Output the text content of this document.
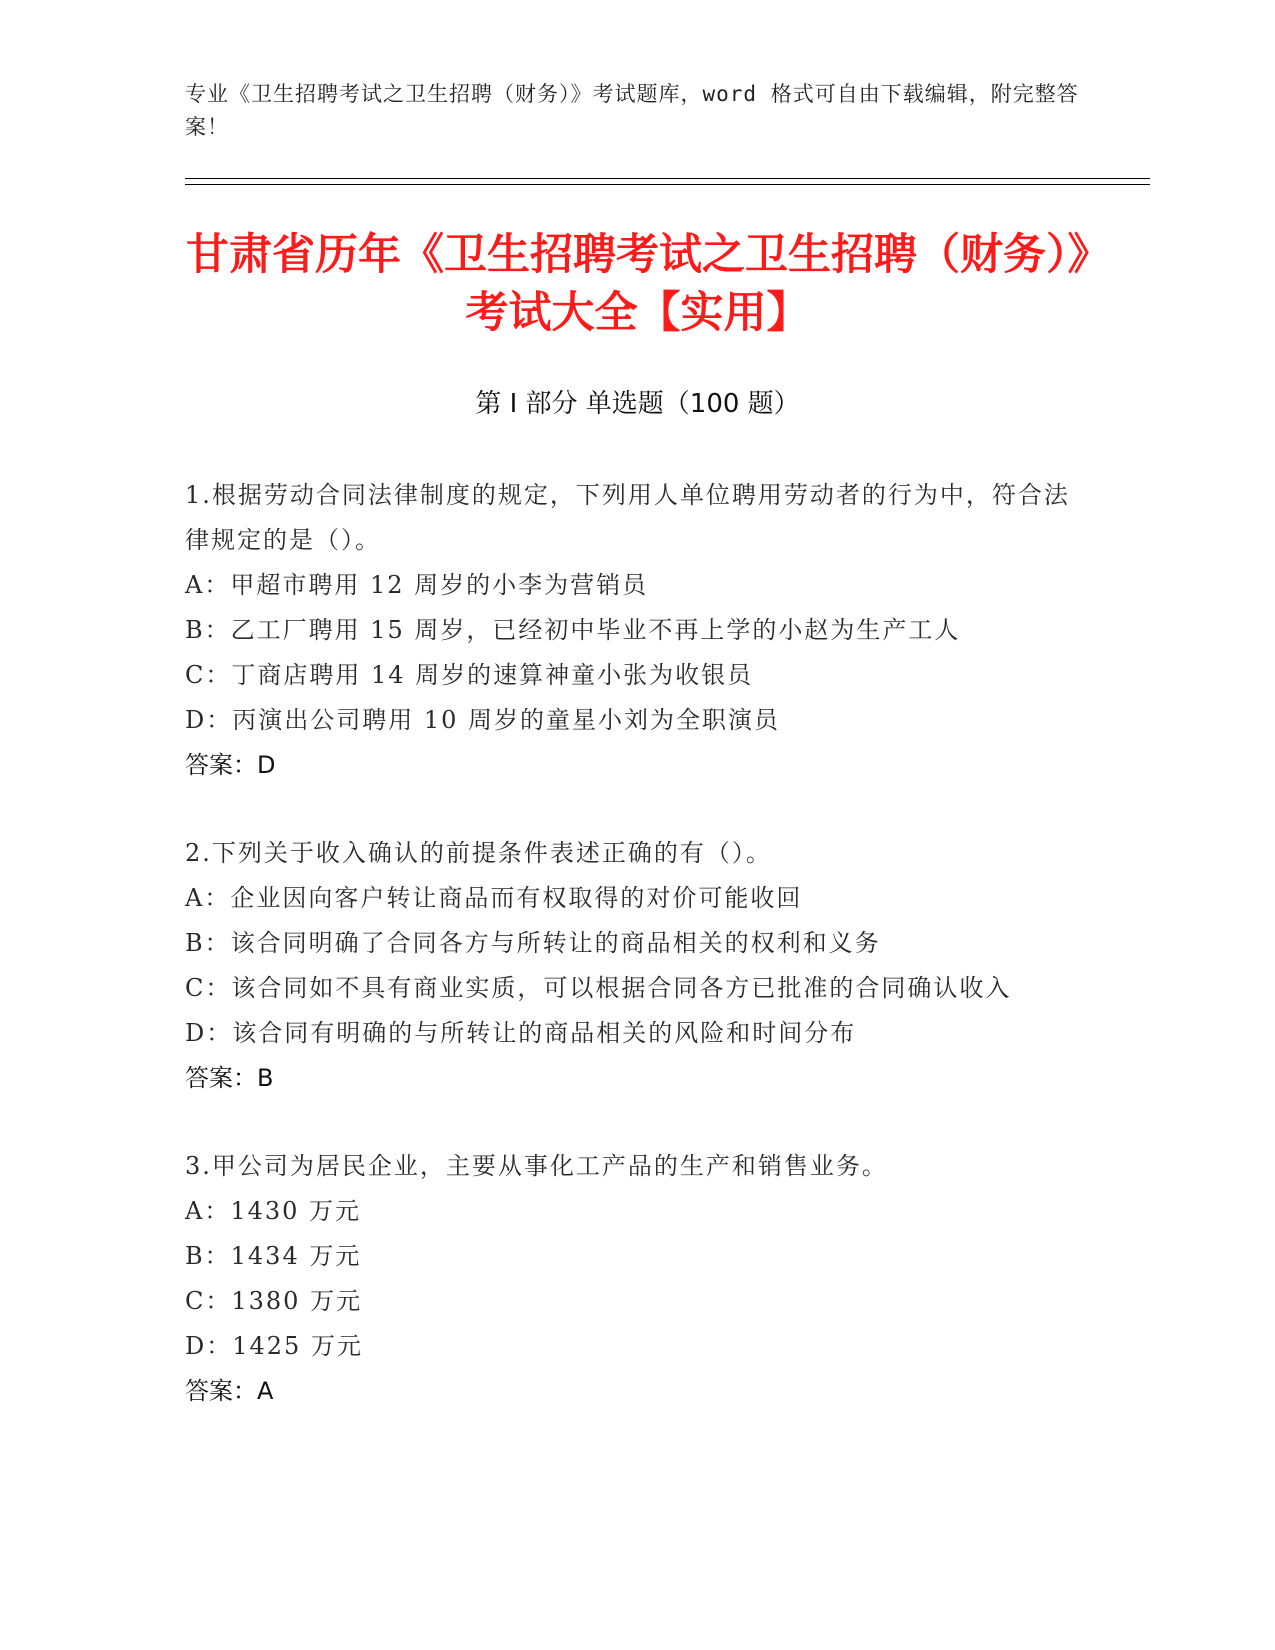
专业《卫生招聘考试之卫生招聘（财务）》考试题库，word 格式可自由下载编辑，附完整答案！
甘肃省历年《卫生招聘考试之卫生招聘（财务）》考试大全【实用】
第 I 部分 单选题（100 题）
1.根据劳动合同法律制度的规定，下列用人单位聘用劳动者的行为中，符合法律规定的是（）。
A：甲超市聘用 12 周岁的小李为营销员
B：乙工厂聘用 15 周岁，已经初中毕业不再上学的小赵为生产工人
C：丁商店聘用 14 周岁的速算神童小张为收银员
D：丙演出公司聘用 10 周岁的童星小刘为全职演员
答案：D
2.下列关于收入确认的前提条件表述正确的有（）。
A：企业因向客户转让商品而有权取得的对价可能收回
B：该合同明确了合同各方与所转让的商品相关的权利和义务
C：该合同如不具有商业实质，可以根据合同各方已批准的合同确认收入
D：该合同有明确的与所转让的商品相关的风险和时间分布
答案：B
3.甲公司为居民企业，主要从事化工产品的生产和销售业务。
A：1430 万元
B：1434 万元
C：1380 万元
D：1425 万元
答案：A
